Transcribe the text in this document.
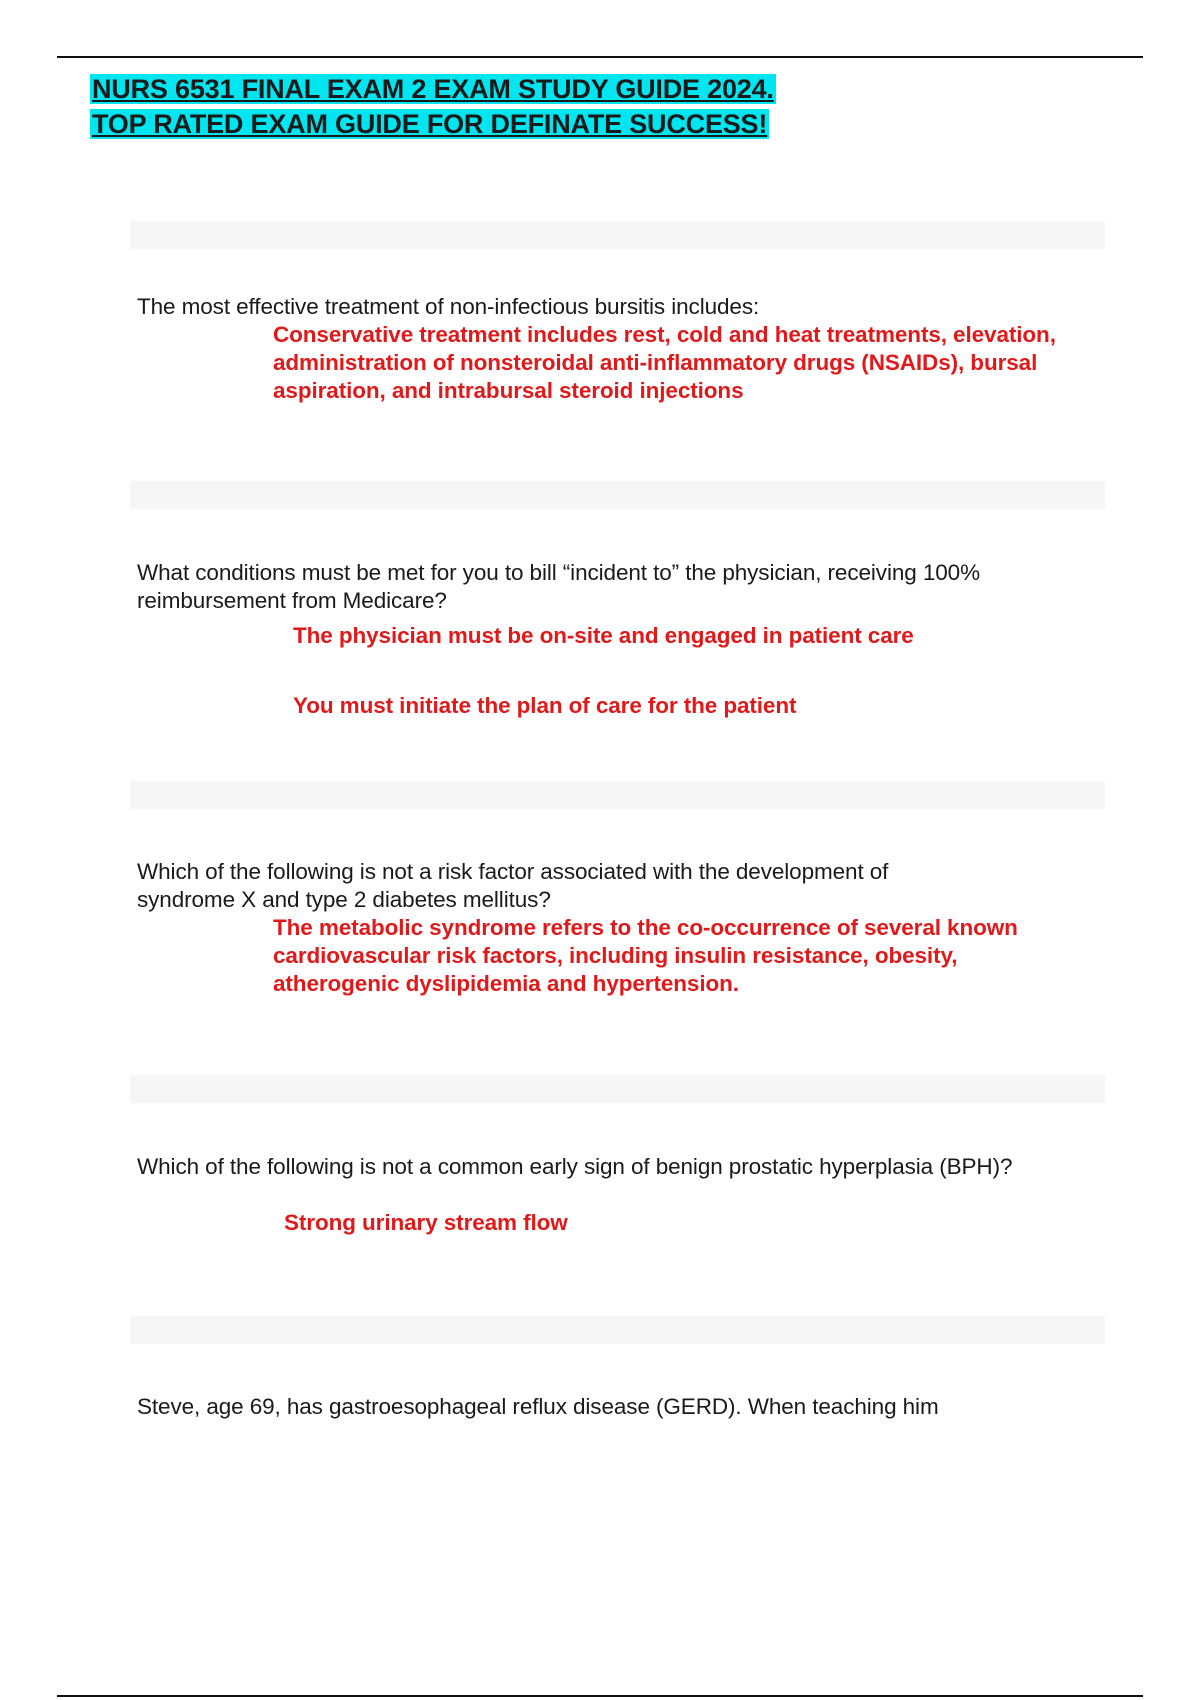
NURS 6531 FINAL EXAM 2 EXAM STUDY GUIDE 2024.
TOP RATED EXAM GUIDE FOR DEFINATE SUCCESS!

The most effective treatment of non-infectious bursitis includes:

Conservative treatment includes rest, cold and heat treatments, elevation, administration of nonsteroidal anti-inflammatory drugs (NSAIDs), bursal aspiration, and intrabursal steroid injections

What conditions must be met for you to bill “incident to” the physician, receiving 100% reimbursement from Medicare?

The physician must be on-site and engaged in patient care

You must initiate the plan of care for the patient

Which of the following is not a risk factor associated with the development of syndrome X and type 2 diabetes mellitus?

The metabolic syndrome refers to the co-occurrence of several known cardiovascular risk factors, including insulin resistance, obesity, atherogenic dyslipidemia and hypertension.

Which of the following is not a common early sign of benign prostatic hyperplasia (BPH)?

Strong urinary stream flow

Steve, age 69, has gastroesophageal reflux disease (GERD). When teaching him
